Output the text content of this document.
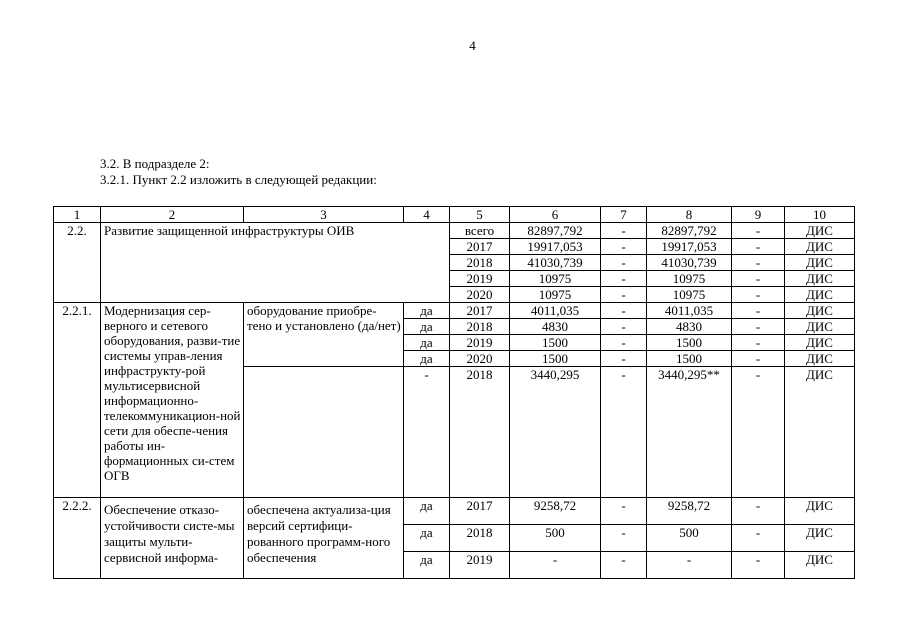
4
3.2. В подразделе 2:
3.2.1. Пункт 2.2 изложить в следующей редакции:
1	2	3	4	5	6	7	8	9	10
2.2.	Развитие защищенной инфраструктуры ОИВ			всего	82897,792	-	82897,792	-	ДИС
				2017	19917,053	-	19917,053	-	ДИС
				2018	41030,739	-	41030,739	-	ДИС
				2019	10975	-	10975	-	ДИС
				2020	10975	-	10975	-	ДИС
2.2.1.	Модернизация сер-верного и сетевого оборудования, разви-тие системы управ-ления инфраструкту-рой мультисервисной информационно-телекоммуникацион-ной сети для обеспе-чения работы ин-формационных си-стем ОГВ	оборудование приобре-тено и установлено (да/нет)	да	2017	4011,035	-	4011,035	-	ДИС
			да	2018	4830	-	4830	-	ДИС
			да	2019	1500	-	1500	-	ДИС
			да	2020	1500	-	1500	-	ДИС
			-	2018	3440,295	-	3440,295**	-	ДИС
2.2.2.	Обеспечение отказо-устойчивости систе-мы защиты мульти-сервисной информа-	обеспечена актуализа-ция версий сертифици-рованного программ-ного обеспечения	да	2017	9258,72	-	9258,72	-	ДИС
			да	2018	500	-	500	-	ДИС
			да	2019	-	-	-	-	ДИС
